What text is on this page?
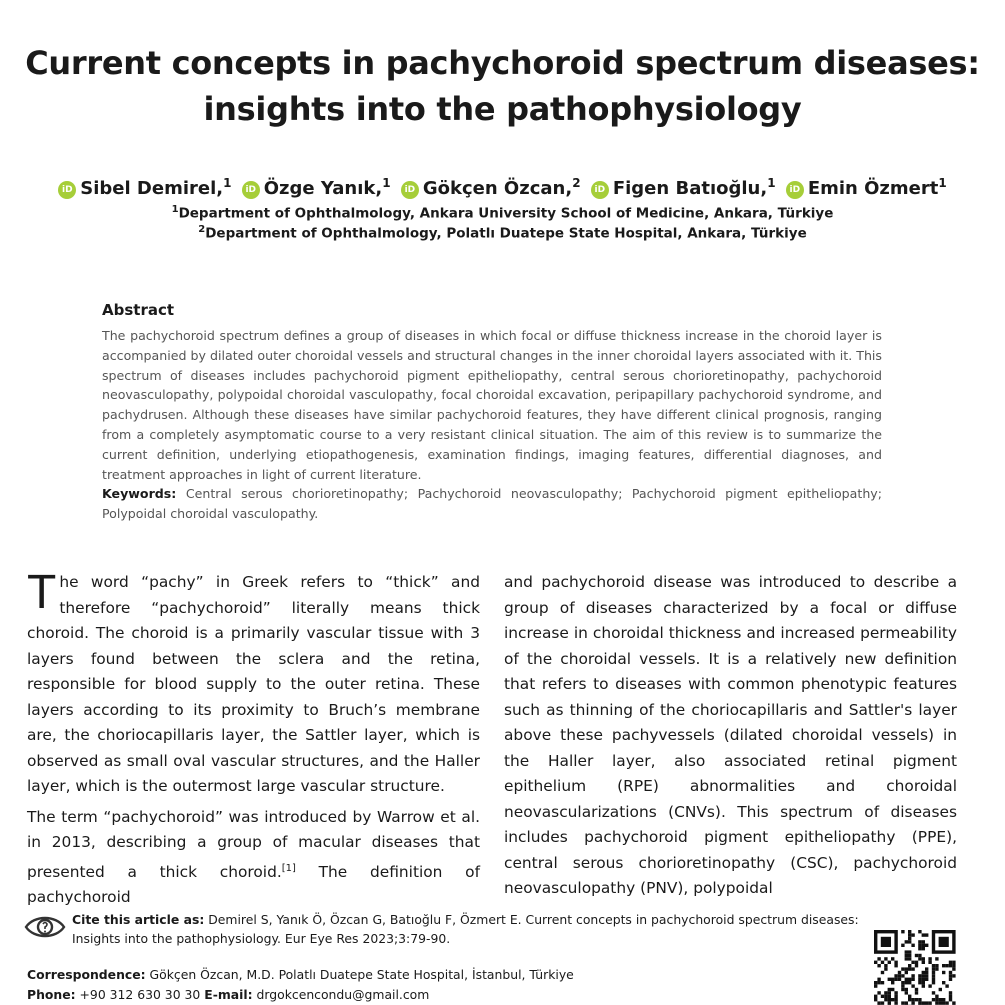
Current concepts in pachychoroid spectrum diseases:
insights into the pathophysiology
iD Sibel Demirel,$^1$ iD Özge Yanık,$^1$ iD Gökçen Özcan,$^2$ iD Figen Batıoğlu,$^1$ iD Emin Özmert$^1$
$^1$Department of Ophthalmology, Ankara University School of Medicine, Ankara, Türkiye
$^2$Department of Ophthalmology, Polatlı Duatepe State Hospital, Ankara, Türkiye
Abstract

The pachychoroid spectrum defines a group of diseases in which focal or diffuse thickness increase in the choroid layer is accompanied by dilated outer choroidal vessels and structural changes in the inner choroidal layers associated with it. This spectrum of diseases includes pachychoroid pigment epitheliopathy, central serous chorioretinopathy, pachychoroid neovasculopathy, polypoidal choroidal vasculopathy, focal choroidal excavation, peripapillary pachychoroid syndrome, and pachydrusen. Although these diseases have similar pachychoroid features, they have different clinical prognosis, ranging from a completely asymptomatic course to a very resistant clinical situation. The aim of this review is to summarize the current definition, underlying etiopathogenesis, examination findings, imaging features, differential diagnoses, and treatment approaches in light of current literature.

Keywords: Central serous chorioretinopathy; Pachychoroid neovasculopathy; Pachychoroid pigment epitheliopathy; Polypoidal choroidal vasculopathy.

The word “pachy” in Greek refers to “thick” and therefore “pachychoroid” literally means thick choroid. The choroid is a primarily vascular tissue with 3 layers found between the sclera and the retina, responsible for blood supply to the outer retina. These layers according to its proximity to Bruch’s membrane are, the choriocapillaris layer, the Sattler layer, which is observed as small oval vascular structures, and the Haller layer, which is the outermost large vascular structure.

The term “pachychoroid” was introduced by Warrow et al. in 2013, describing a group of macular diseases that presented a thick choroid.[1] The definition of pachychoroid

and pachychoroid disease was introduced to describe a group of diseases characterized by a focal or diffuse increase in choroidal thickness and increased permeability of the choroidal vessels. It is a relatively new definition that refers to diseases with common phenotypic features such as thinning of the choriocapillaris and Sattler's layer above these pachyvessels (dilated choroidal vessels) in the Haller layer, also associated retinal pigment epithelium (RPE) abnormalities and choroidal neovascularizations (CNVs). This spectrum of diseases includes pachychoroid pigment epitheliopathy (PPE), central serous chorioretinopathy (CSC), pachychoroid neovasculopathy (PNV), polypoidal

Cite this article as: Demirel S, Yanık Ö, Özcan G, Batıoğlu F, Özmert E. Current concepts in pachychoroid spectrum diseases: Insights into the pathophysiology. Eur Eye Res 2023;3:79-90.
Correspondence: Gökçen Özcan, M.D. Polatlı Duatepe State Hospital, İstanbul, Türkiye
Phone: +90 312 630 30 30 E-mail: drgokcencondu@gmail.com
